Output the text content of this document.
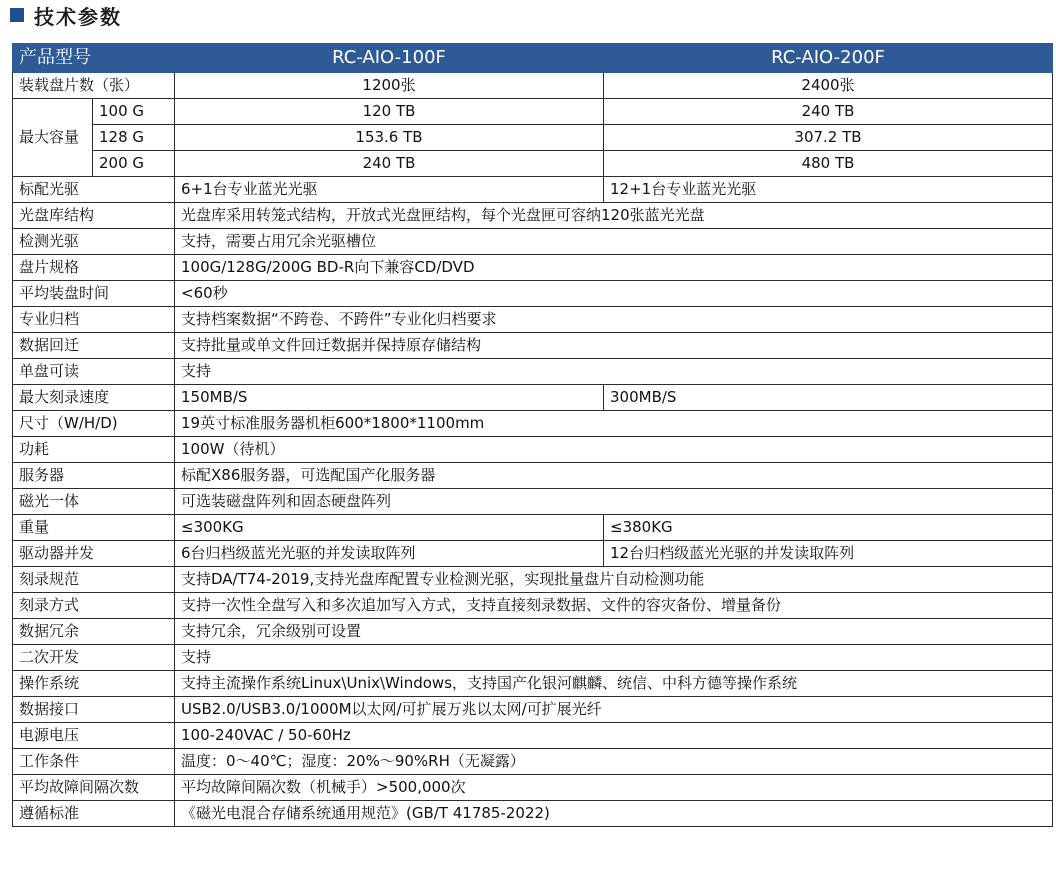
技术参数
产品型号		RC-AIO-100F	RC-AIO-200F
装载盘片数（张）		1200张	2400张
最大容量	100 G	120 TB	240 TB
	128 G	153.6 TB	307.2 TB
	200 G	240 TB	480 TB
标配光驱		6+1台专业蓝光光驱	12+1台专业蓝光光驱
光盘库结构		光盘库采用转笼式结构，开放式光盘匣结构，每个光盘匣可容纳120张蓝光光盘	
检测光驱		支持，需要占用冗余光驱槽位	
盘片规格		100G/128G/200G BD-R向下兼容CD/DVD	
平均装盘时间		<60秒	
专业归档		支持档案数据“不跨卷、不跨件”专业化归档要求	
数据回迁		支持批量或单文件回迁数据并保持原存储结构	
单盘可读		支持	
最大刻录速度		150MB/S	300MB/S
尺寸（W/H/D)		19英寸标准服务器机柜600*1800*1100mm	
功耗		100W（待机）	
服务器		标配X86服务器，可选配国产化服务器	
磁光一体		可选装磁盘阵列和固态硬盘阵列	
重量		≤300KG	≤380KG
驱动器并发		6台归档级蓝光光驱的并发读取阵列	12台归档级蓝光光驱的并发读取阵列
刻录规范		支持DA/T74-2019,支持光盘库配置专业检测光驱，实现批量盘片自动检测功能	
刻录方式		支持一次性全盘写入和多次追加写入方式，支持直接刻录数据、文件的容灾备份、增量备份	
数据冗余		支持冗余，冗余级别可设置	
二次开发		支持	
操作系统		支持主流操作系统Linux\Unix\Windows，支持国产化银河麒麟、统信、中科方德等操作系统	
数据接口		USB2.0/USB3.0/1000M以太网/可扩展万兆以太网/可扩展光纤	
电源电压		100-240VAC / 50-60Hz	
工作条件		温度：0～40℃；湿度：20%～90%RH（无凝露）	
平均故障间隔次数		平均故障间隔次数（机械手）>500,000次	
遵循标准		《磁光电混合存储系统通用规范》(GB/T 41785-2022)	
